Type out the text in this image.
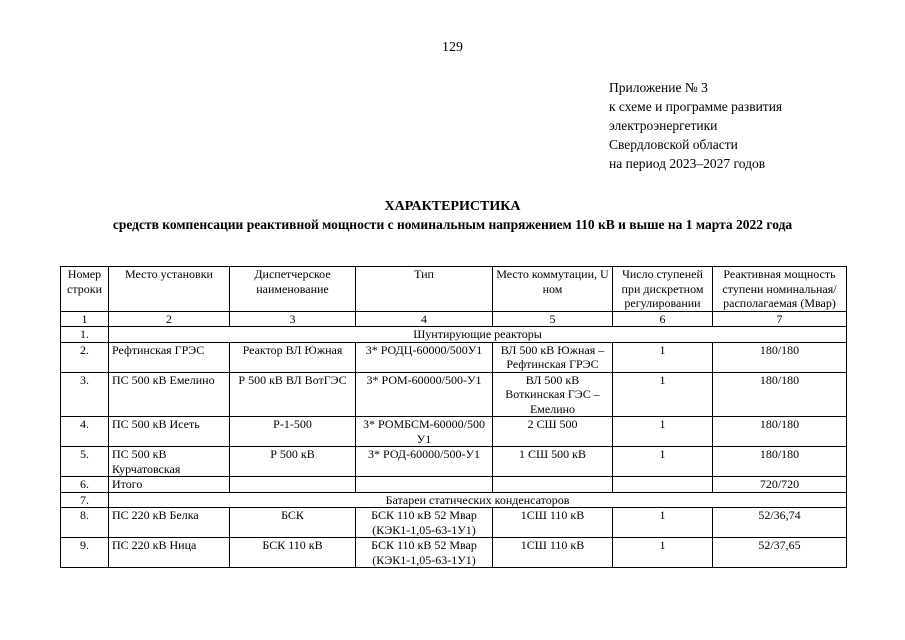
129
Приложение № 3
к схеме и программе развития
электроэнергетики
Свердловской области
на период 2023–2027 годов
ХАРАКТЕРИСТИКА
средств компенсации реактивной мощности с номинальным напряжением 110 кВ и выше на 1 марта 2022 года
Номер строки	Место установки	Диспетчерское наименование	Тип	Место коммутации, U ном	Число ступеней при дискретном регулировании	Реактивная мощность ступени номинальная/ располагаемая (Мвар)
1	2	3	4	5	6	7
1.	Шунтирующие реакторы					
2.	Рефтинская ГРЭС	Реактор ВЛ Южная	3* РОДЦ-60000/500У1	ВЛ 500 кВ Южная – Рефтинская ГРЭС	1	180/180
3.	ПС 500 кВ Емелино	Р 500 кВ ВЛ ВотГЭС	3* РОМ-60000/500-У1	ВЛ 500 кВ Воткинская ГЭС – Емелино	1	180/180
4.	ПС 500 кВ Исеть	Р-1-500	3* РОМБСМ-60000/500 У1	2 СШ 500	1	180/180
5.	ПС 500 кВ Курчатовская	Р 500 кВ	3* РОД-60000/500-У1	1 СШ 500 кВ	1	180/180
6.	Итого					720/720
7.	Батареи статических конденсаторов					
8.	ПС 220 кВ Белка	БСК	БСК 110 кВ 52 Мвар (КЭК1-1,05-63-1У1)	1СШ 110 кВ	1	52/36,74
9.	ПС 220 кВ Ница	БСК 110 кВ	БСК 110 кВ 52 Мвар (КЭК1-1,05-63-1У1)	1СШ 110 кВ	1	52/37,65
